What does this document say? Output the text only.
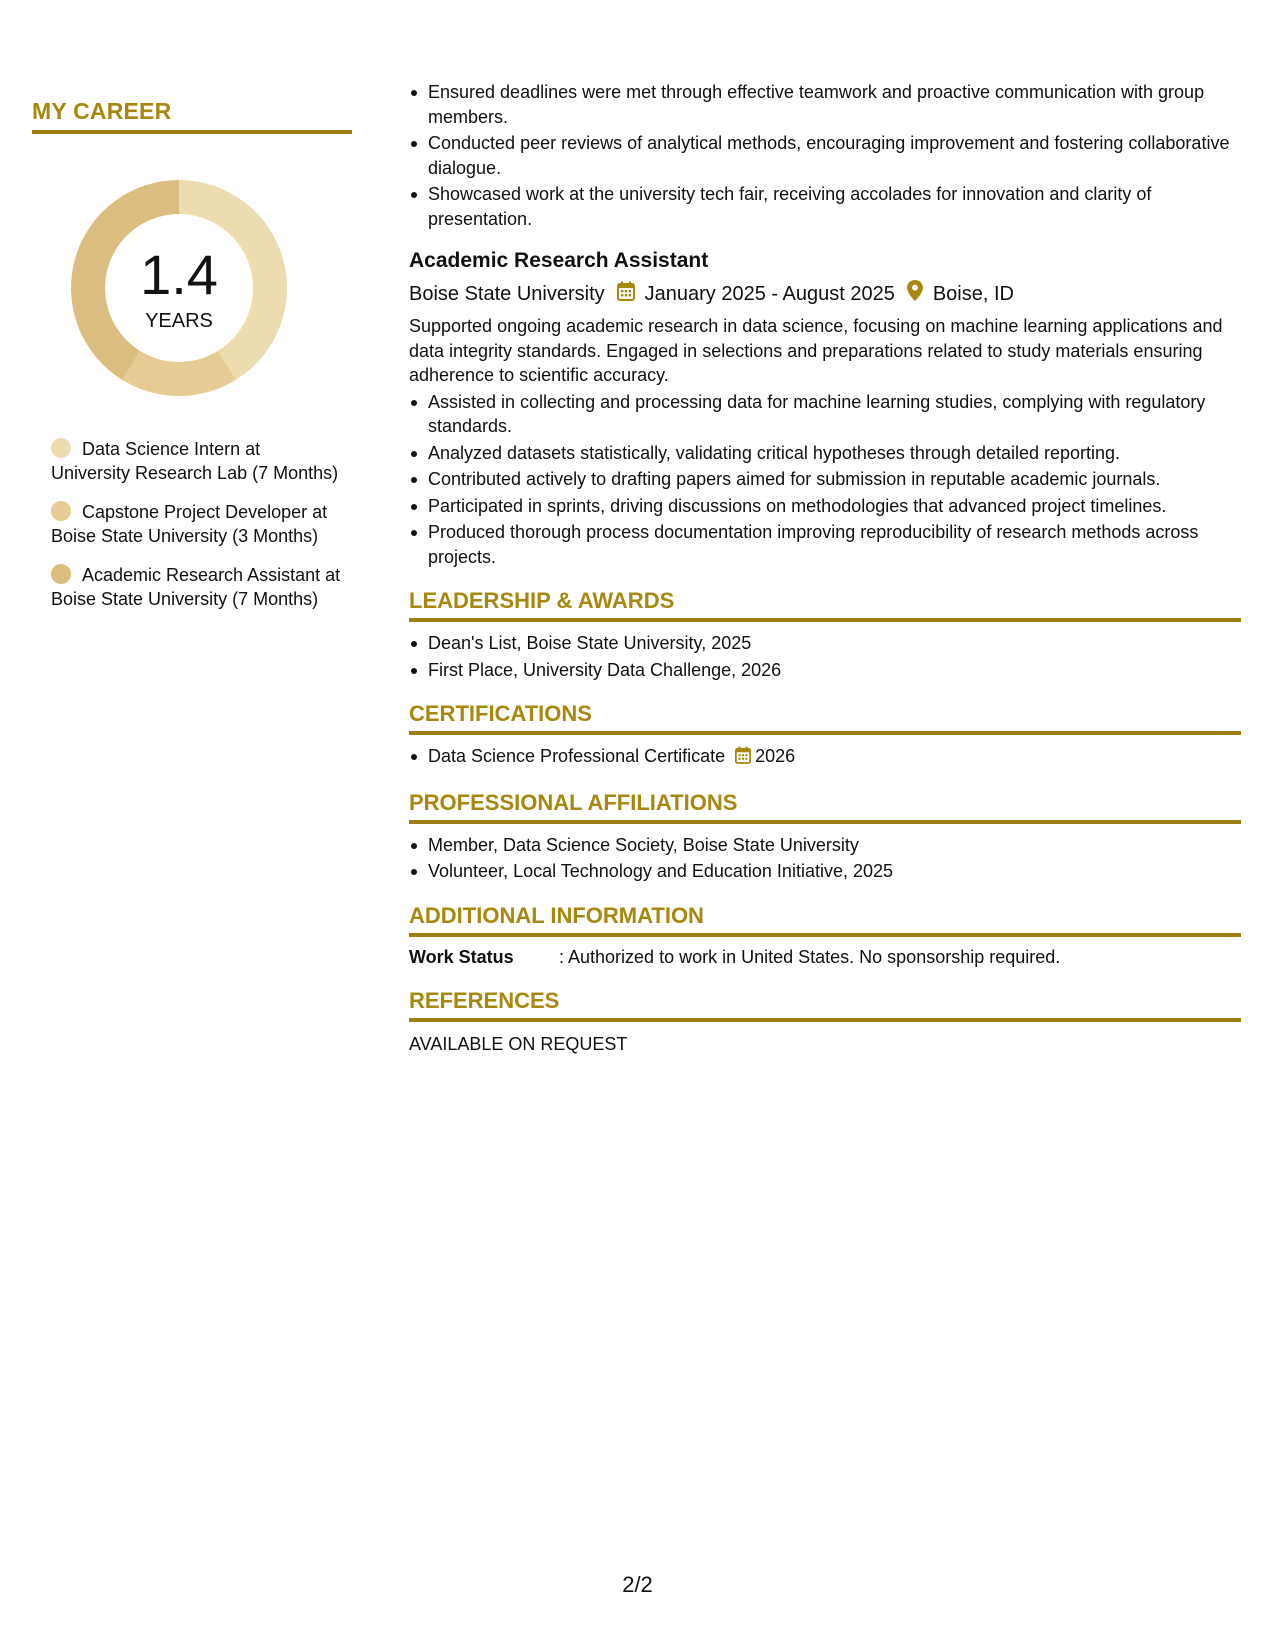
MY CAREER
1.4
YEARS
Data Science Intern at University Research Lab (7 Months)
Capstone Project Developer at Boise State University (3 Months)
Academic Research Assistant at Boise State University (7 Months)
Ensured deadlines were met through effective teamwork and proactive communication with group members.
Conducted peer reviews of analytical methods, encouraging improvement and fostering collaborative dialogue.
Showcased work at the university tech fair, receiving accolades for innovation and clarity of presentation.
Academic Research Assistant
Boise State University January 2025 - August 2025 Boise, ID
Supported ongoing academic research in data science, focusing on machine learning applications and data integrity standards. Engaged in selections and preparations related to study materials ensuring adherence to scientific accuracy.
Assisted in collecting and processing data for machine learning studies, complying with regulatory standards.
Analyzed datasets statistically, validating critical hypotheses through detailed reporting.
Contributed actively to drafting papers aimed for submission in reputable academic journals.
Participated in sprints, driving discussions on methodologies that advanced project timelines.
Produced thorough process documentation improving reproducibility of research methods across projects.
LEADERSHIP & AWARDS
Dean's List, Boise State University, 2025
First Place, University Data Challenge, 2026
CERTIFICATIONS
Data Science Professional Certificate 2026
PROFESSIONAL AFFILIATIONS
Member, Data Science Society, Boise State University
Volunteer, Local Technology and Education Initiative, 2025
ADDITIONAL INFORMATION
Work Status	: Authorized to work in United States. No sponsorship required.
REFERENCES
AVAILABLE ON REQUEST
2/2
